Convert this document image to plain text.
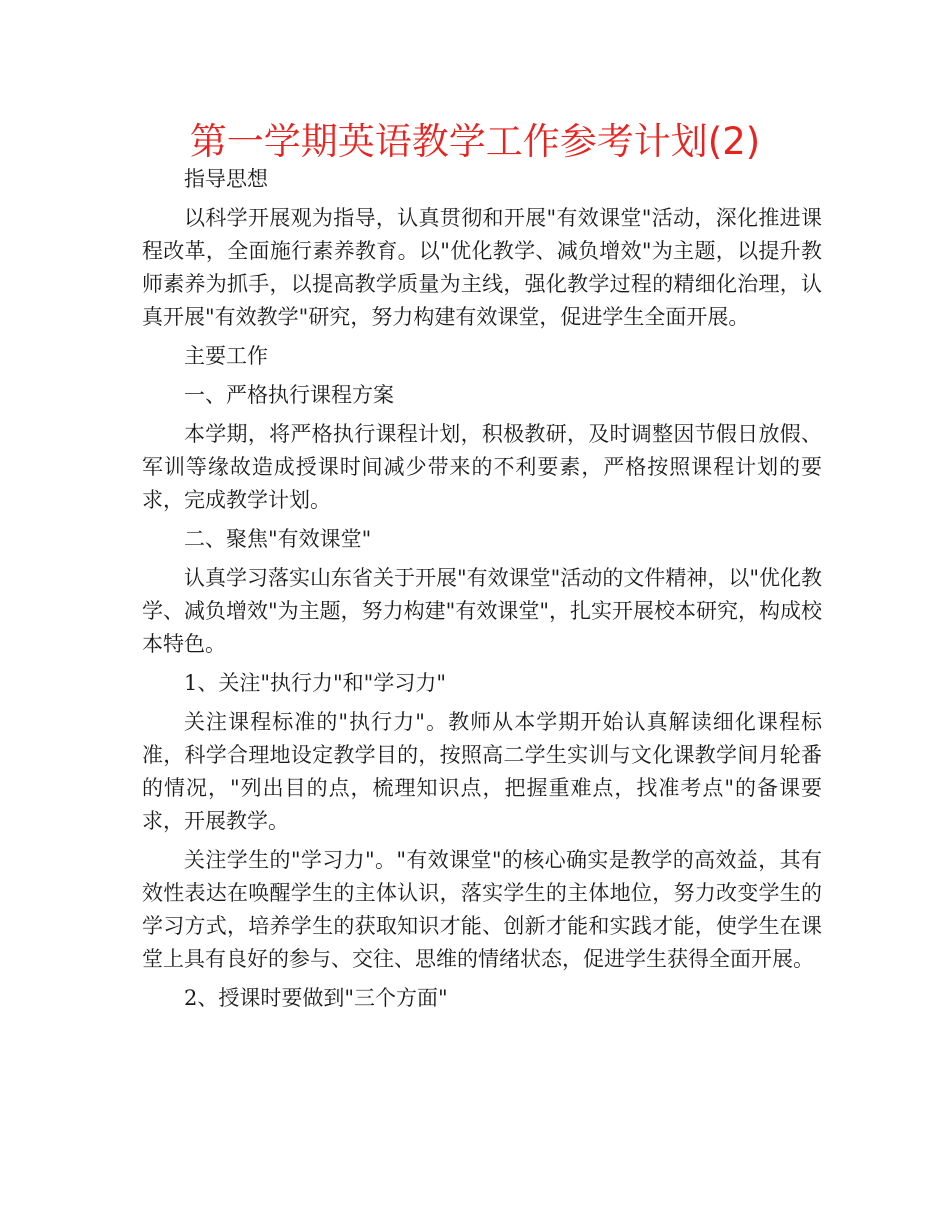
第一学期英语教学工作参考计划(2)

指导思想

以科学开展观为指导，认真贯彻和开展"有效课堂"活动，深化推进课程改革，全面施行素养教育。以"优化教学、减负增效"为主题，以提升教师素养为抓手，以提高教学质量为主线，强化教学过程的精细化治理，认真开展"有效教学"研究，努力构建有效课堂，促进学生全面开展。

主要工作

一、严格执行课程方案

本学期，将严格执行课程计划，积极教研，及时调整因节假日放假、军训等缘故造成授课时间减少带来的不利要素，严格按照课程计划的要求，完成教学计划。

二、聚焦"有效课堂"

认真学习落实山东省关于开展"有效课堂"活动的文件精神，以"优化教学、减负增效"为主题，努力构建"有效课堂"，扎实开展校本研究，构成校本特色。

1、关注"执行力"和"学习力"

关注课程标准的"执行力"。教师从本学期开始认真解读细化课程标准，科学合理地设定教学目的，按照高二学生实训与文化课教学间月轮番的情况，"列出目的点，梳理知识点，把握重难点，找准考点"的备课要求，开展教学。

关注学生的"学习力"。"有效课堂"的核心确实是教学的高效益，其有效性表达在唤醒学生的主体认识，落实学生的主体地位，努力改变学生的学习方式，培养学生的获取知识才能、创新才能和实践才能，使学生在课堂上具有良好的参与、交往、思维的情绪状态，促进学生获得全面开展。

2、授课时要做到"三个方面"
